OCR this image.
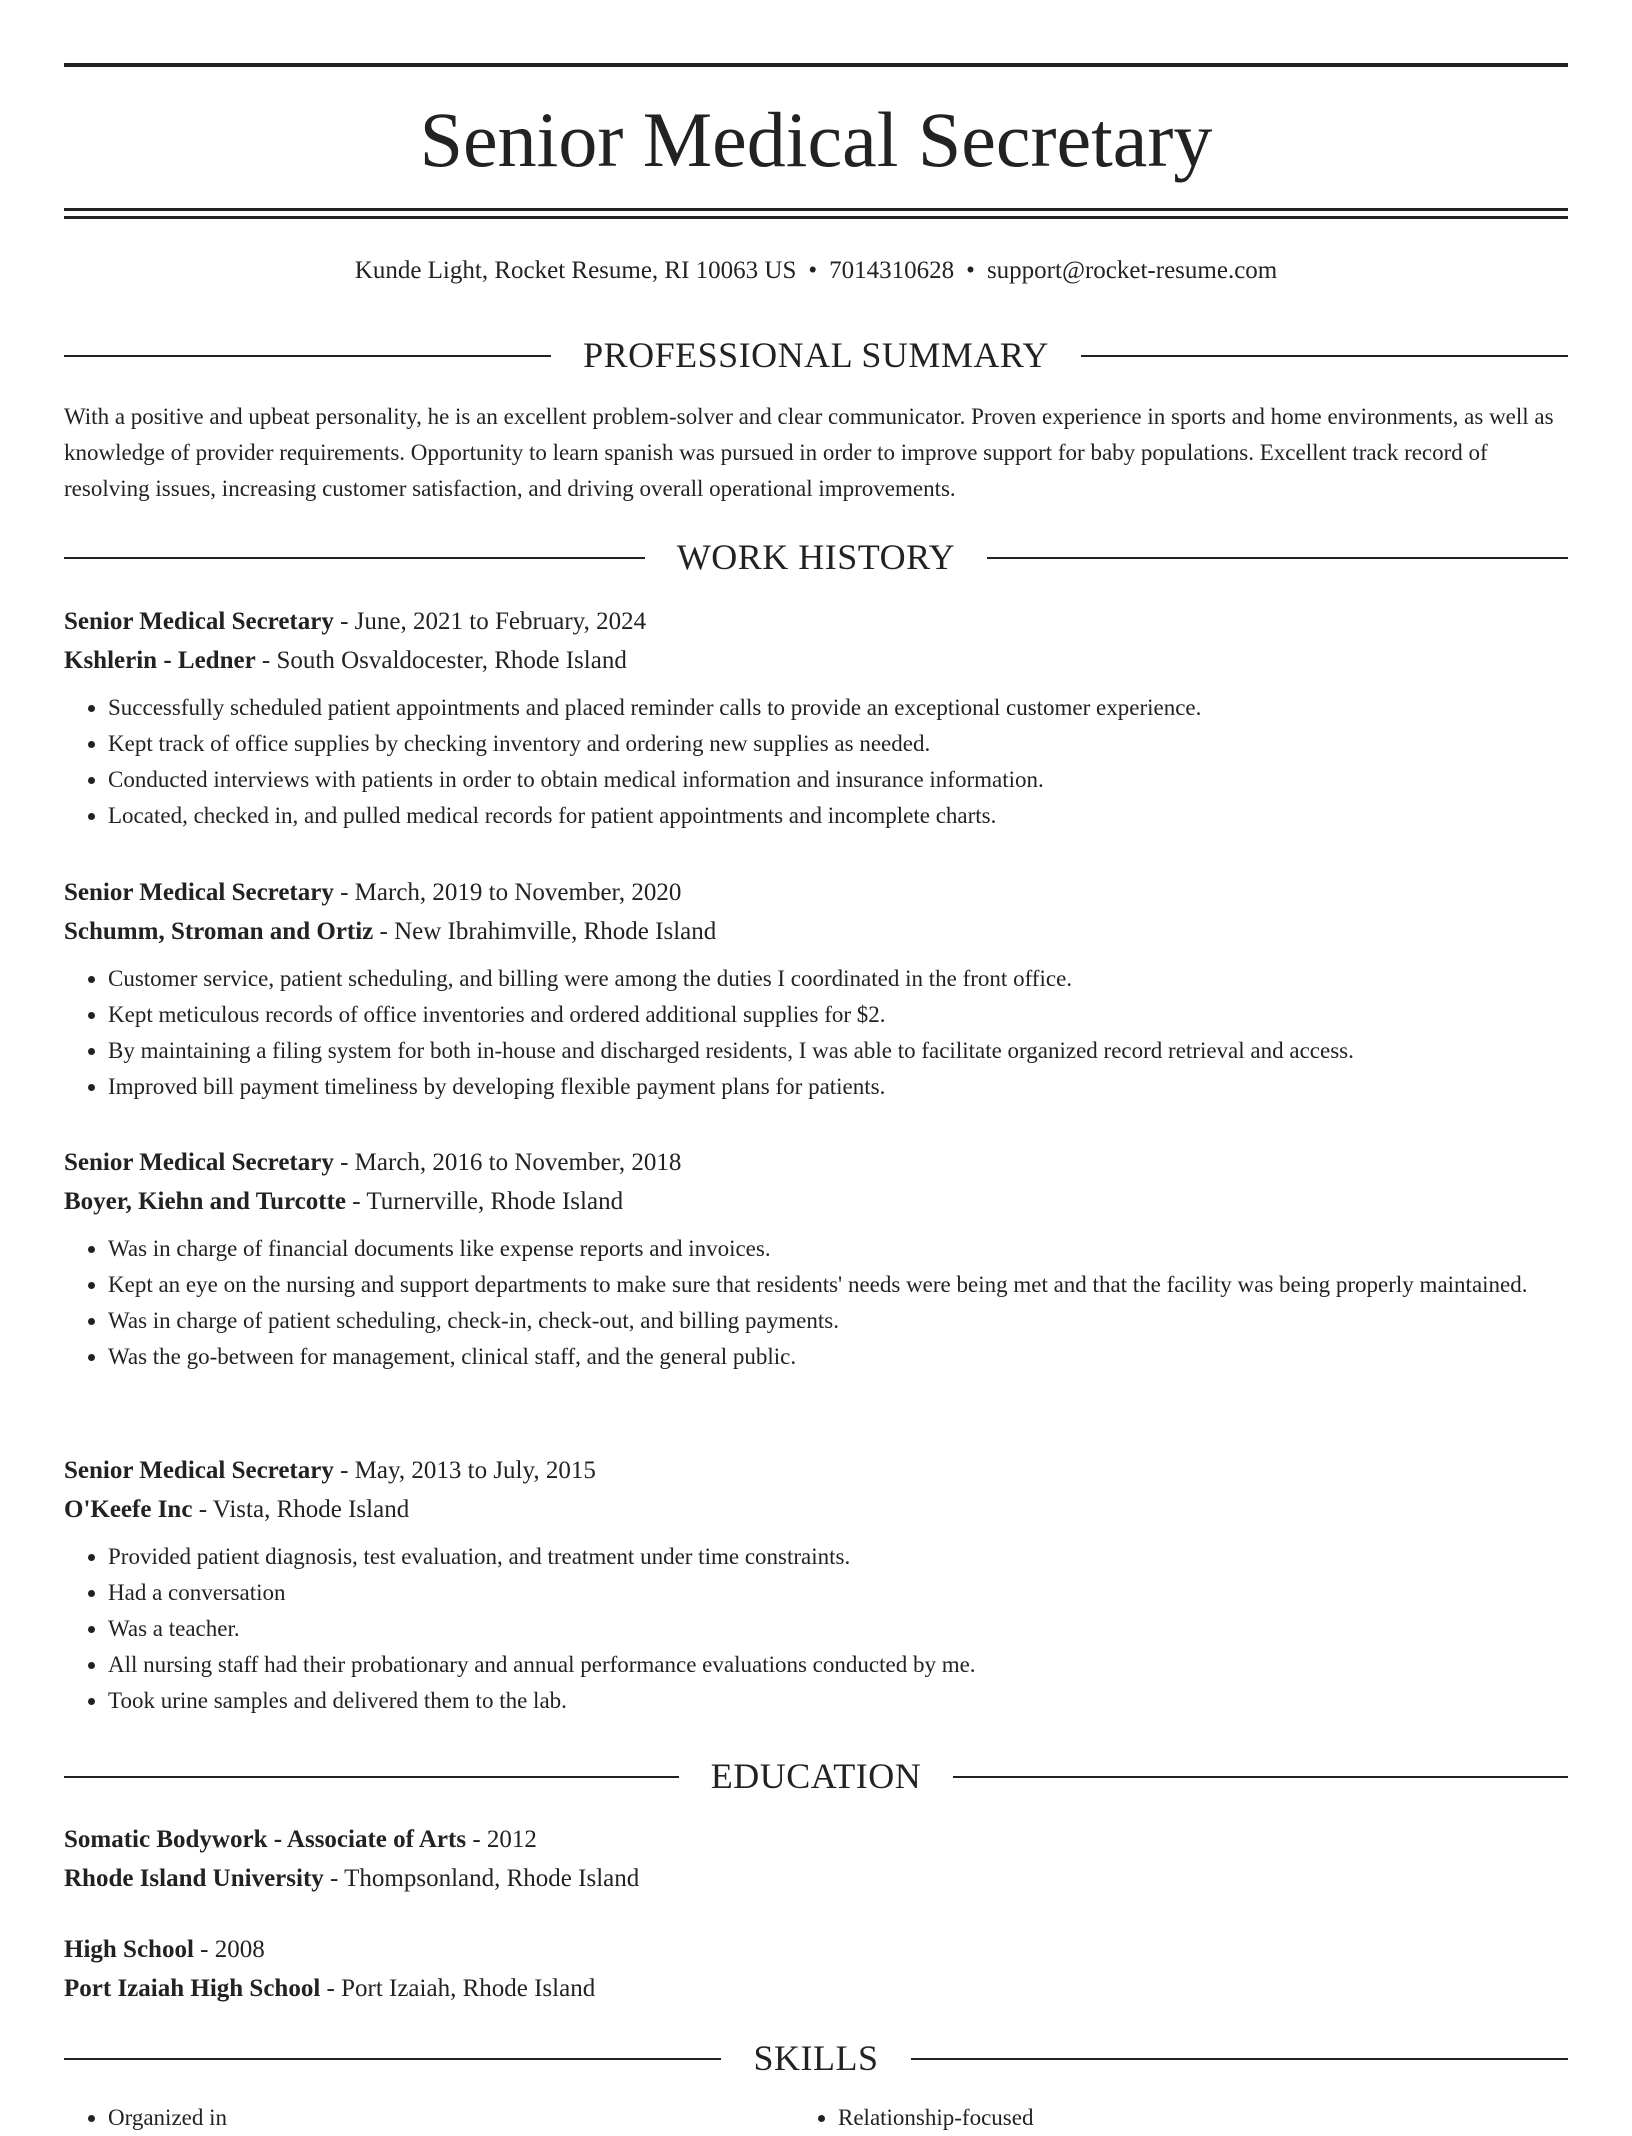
Senior Medical Secretary
Kunde Light, Rocket Resume, RI 10063 US • 7014310628 • support@rocket-resume.com
PROFESSIONAL SUMMARY

With a positive and upbeat personality, he is an excellent problem-solver and clear communicator. Proven experience in sports and home environments, as well as knowledge of provider requirements. Opportunity to learn spanish was pursued in order to improve support for baby populations. Excellent track record of resolving issues, increasing customer satisfaction, and driving overall operational improvements.

WORK HISTORY
Senior Medical Secretary - June, 2021 to February, 2024
Kshlerin - Ledner - South Osvaldocester, Rhode Island
• Successfully scheduled patient appointments and placed reminder calls to provide an exceptional customer experience.
• Kept track of office supplies by checking inventory and ordering new supplies as needed.
• Conducted interviews with patients in order to obtain medical information and insurance information.
• Located, checked in, and pulled medical records for patient appointments and incomplete charts.
Senior Medical Secretary - March, 2019 to November, 2020
Schumm, Stroman and Ortiz - New Ibrahimville, Rhode Island
• Customer service, patient scheduling, and billing were among the duties I coordinated in the front office.
• Kept meticulous records of office inventories and ordered additional supplies for $2.
• By maintaining a filing system for both in-house and discharged residents, I was able to facilitate organized record retrieval and access.
• Improved bill payment timeliness by developing flexible payment plans for patients.
Senior Medical Secretary - March, 2016 to November, 2018
Boyer, Kiehn and Turcotte - Turnerville, Rhode Island
• Was in charge of financial documents like expense reports and invoices.
• Kept an eye on the nursing and support departments to make sure that residents' needs were being met and that the facility was being properly maintained.
• Was in charge of patient scheduling, check-in, check-out, and billing payments.
• Was the go-between for management, clinical staff, and the general public.
Senior Medical Secretary - May, 2013 to July, 2015
O'Keefe Inc - Vista, Rhode Island
• Provided patient diagnosis, test evaluation, and treatment under time constraints.
• Had a conversation
• Was a teacher.
• All nursing staff had their probationary and annual performance evaluations conducted by me.
• Took urine samples and delivered them to the lab.
EDUCATION
Somatic Bodywork - Associate of Arts - 2012
Rhode Island University - Thompsonland, Rhode Island
High School - 2008
Port Izaiah High School - Port Izaiah, Rhode Island
SKILLS
• Organized in
•	Relationship-focused
